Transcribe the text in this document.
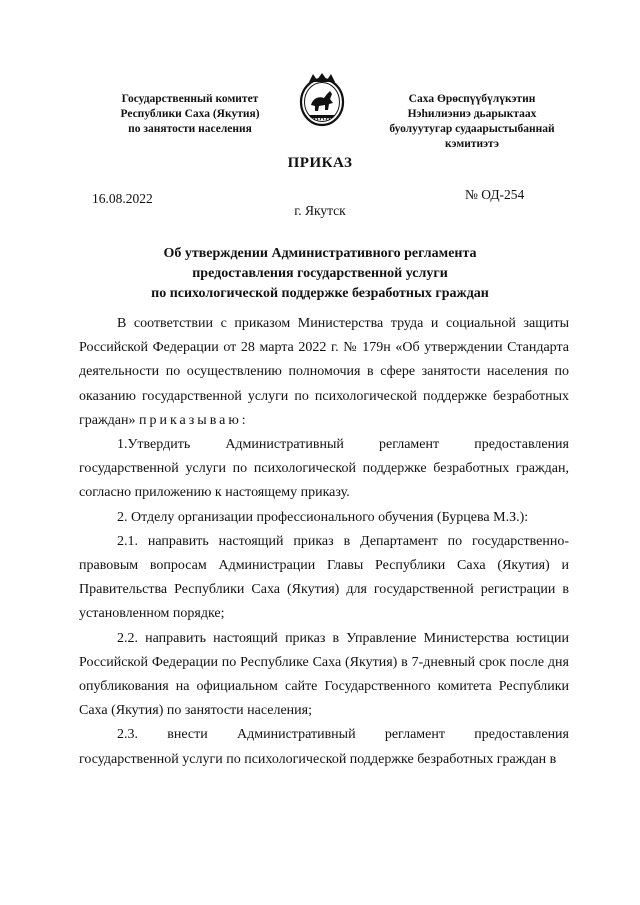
Государственный комитет
Республики Саха (Якутия)
по занятости населения
Саха Өрөспүүбүлүкэтин
Нэһилиэниэ дьарыктаах
буолуутугар судаарыстыбаннай
кэмитиэтэ
ПРИКАЗ
16.08.2022	№ ОД-254
г. Якутск
Об утверждении Административного регламента
предоставления государственной услуги
по психологической поддержке безработных граждан

В соответствии с приказом Министерства труда и социальной защиты Российской Федерации от 28 марта 2022 г. № 179н «Об утверждении Стандарта деятельности по осуществлению полномочия в сфере занятости населения по оказанию государственной услуги по психологической поддержке безработных граждан» приказываю:

1.Утвердить Административный регламент предоставления государственной услуги по психологической поддержке безработных граждан, согласно приложению к настоящему приказу.

2. Отделу организации профессионального обучения (Бурцева М.З.):

2.1. направить настоящий приказ в Департамент по государственно-правовым вопросам Администрации Главы Республики Саха (Якутия) и Правительства Республики Саха (Якутия) для государственной регистрации в установленном порядке;

2.2. направить настоящий приказ в Управление Министерства юстиции Российской Федерации по Республике Саха (Якутия) в 7-дневный срок после дня опубликования на официальном сайте Государственного комитета Республики Саха (Якутия) по занятости населения;

2.3. внести Административный регламент предоставления государственной услуги по психологической поддержке безработных граждан в
